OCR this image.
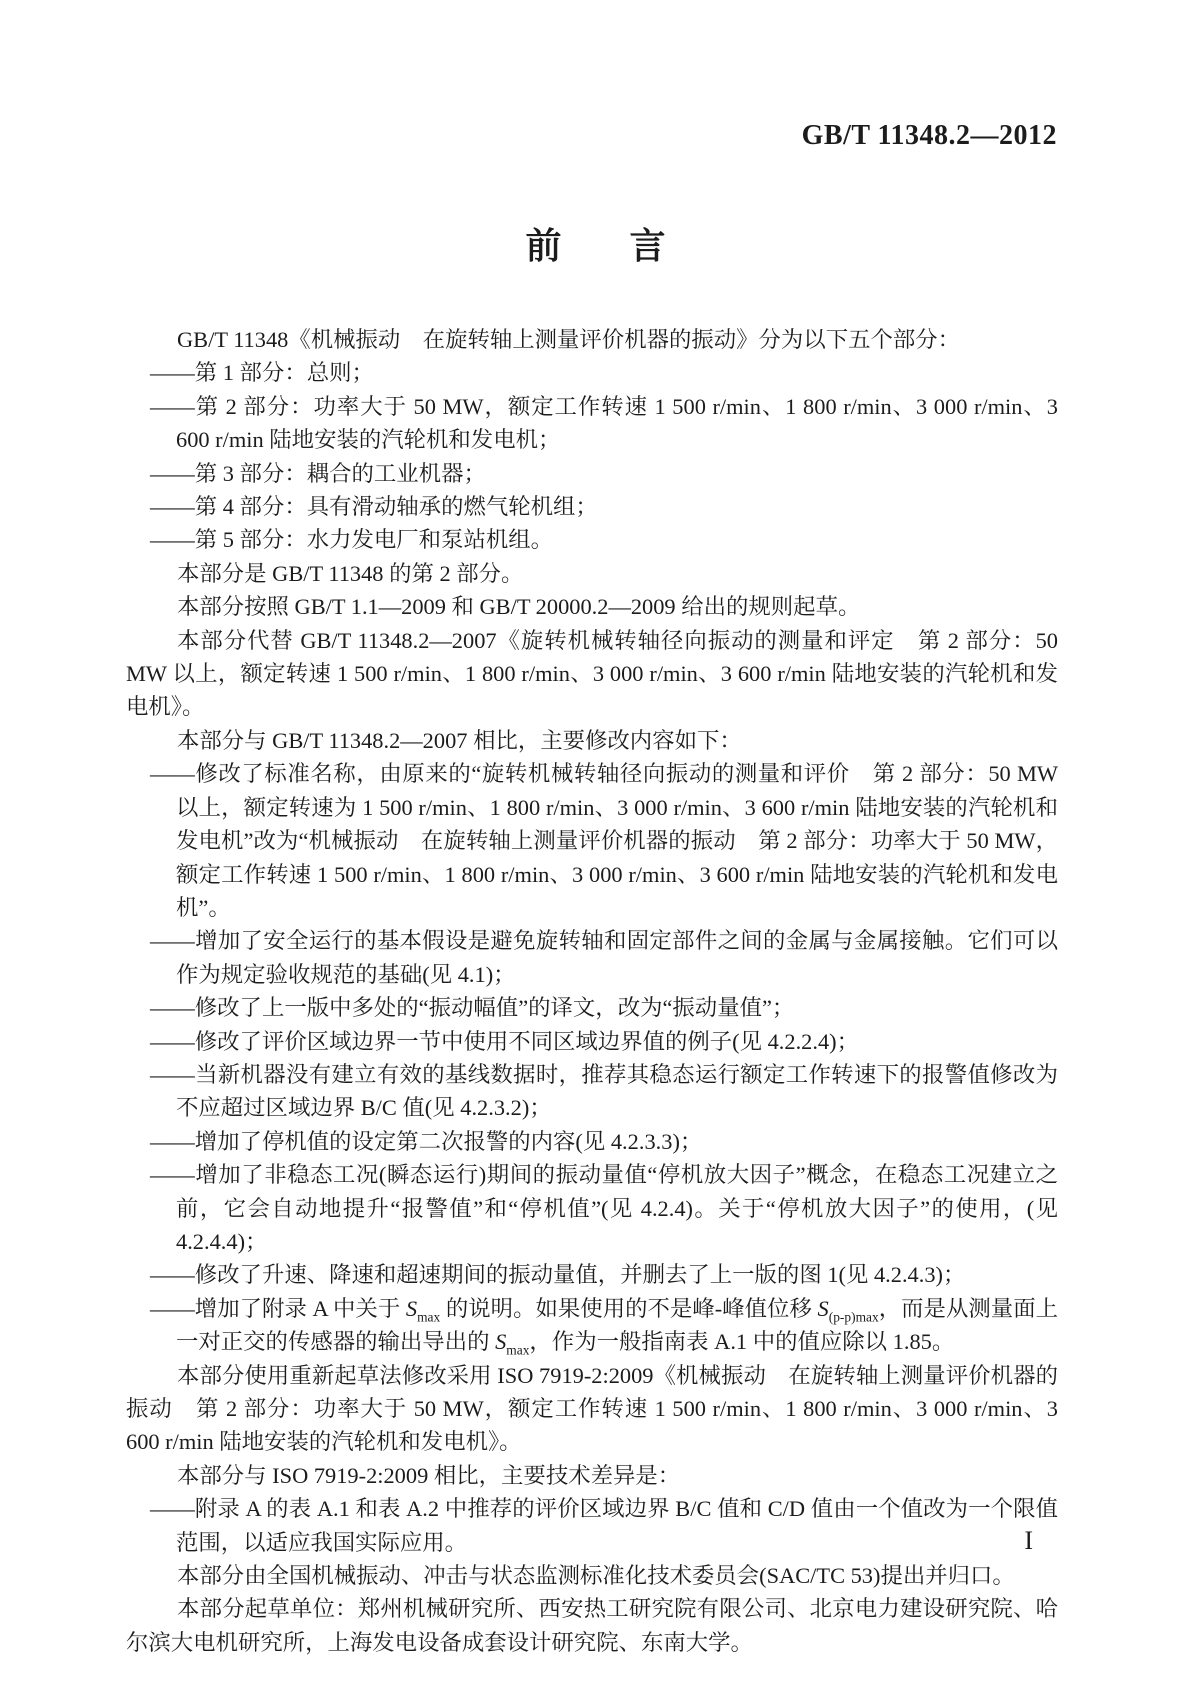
GB/T 11348.2—2012
前言

GB/T 11348《机械振动　在旋转轴上测量评价机器的振动》分为以下五个部分：

——第 1 部分：总则；

——第 2 部分：功率大于 50 MW，额定工作转速 1 500 r/min、1 800 r/min、3 000 r/min、3 600 r/min 陆地安装的汽轮机和发电机；

——第 3 部分：耦合的工业机器；

——第 4 部分：具有滑动轴承的燃气轮机组；

——第 5 部分：水力发电厂和泵站机组。

本部分是 GB/T 11348 的第 2 部分。

本部分按照 GB/T 1.1—2009 和 GB/T 20000.2—2009 给出的规则起草。

本部分代替 GB/T 11348.2—2007《旋转机械转轴径向振动的测量和评定　第 2 部分：50 MW 以上，额定转速 1 500 r/min、1 800 r/min、3 000 r/min、3 600 r/min 陆地安装的汽轮机和发电机》。

本部分与 GB/T 11348.2—2007 相比，主要修改内容如下：

——修改了标准名称，由原来的“旋转机械转轴径向振动的测量和评价　第 2 部分：50 MW 以上，额定转速为 1 500 r/min、1 800 r/min、3 000 r/min、3 600 r/min 陆地安装的汽轮机和发电机”改为“机械振动　在旋转轴上测量评价机器的振动　第 2 部分：功率大于 50 MW，额定工作转速 1 500 r/min、1 800 r/min、3 000 r/min、3 600 r/min 陆地安装的汽轮机和发电机”。

——增加了安全运行的基本假设是避免旋转轴和固定部件之间的金属与金属接触。它们可以作为规定验收规范的基础(见 4.1)；

——修改了上一版中多处的“振动幅值”的译文，改为“振动量值”；

——修改了评价区域边界一节中使用不同区域边界值的例子(见 4.2.2.4)；

——当新机器没有建立有效的基线数据时，推荐其稳态运行额定工作转速下的报警值修改为不应超过区域边界 B/C 值(见 4.2.3.2)；

——增加了停机值的设定第二次报警的内容(见 4.2.3.3)；

——增加了非稳态工况(瞬态运行)期间的振动量值“停机放大因子”概念，在稳态工况建立之前，它会自动地提升“报警值”和“停机值”(见 4.2.4)。关于“停机放大因子”的使用，(见 4.2.4.4)；

——修改了升速、降速和超速期间的振动量值，并删去了上一版的图 1(见 4.2.4.3)；

——增加了附录 A 中关于 $S_{max}$ 的说明。如果使用的不是峰-峰值位移 $S_{(p-p)max}$，而是从测量面上一对正交的传感器的输出导出的 $S_{max}$，作为一般指南表 A.1 中的值应除以 1.85。

本部分使用重新起草法修改采用 ISO 7919-2:2009《机械振动　在旋转轴上测量评价机器的振动　第 2 部分：功率大于 50 MW，额定工作转速 1 500 r/min、1 800 r/min、3 000 r/min、3 600 r/min 陆地安装的汽轮机和发电机》。

本部分与 ISO 7919-2:2009 相比，主要技术差异是：

——附录 A 的表 A.1 和表 A.2 中推荐的评价区域边界 B/C 值和 C/D 值由一个值改为一个限值范围，以适应我国实际应用。

本部分由全国机械振动、冲击与状态监测标准化技术委员会(SAC/TC 53)提出并归口。

本部分起草单位：郑州机械研究所、西安热工研究院有限公司、北京电力建设研究院、哈尔滨大电机研究所，上海发电设备成套设计研究院、东南大学。

I
